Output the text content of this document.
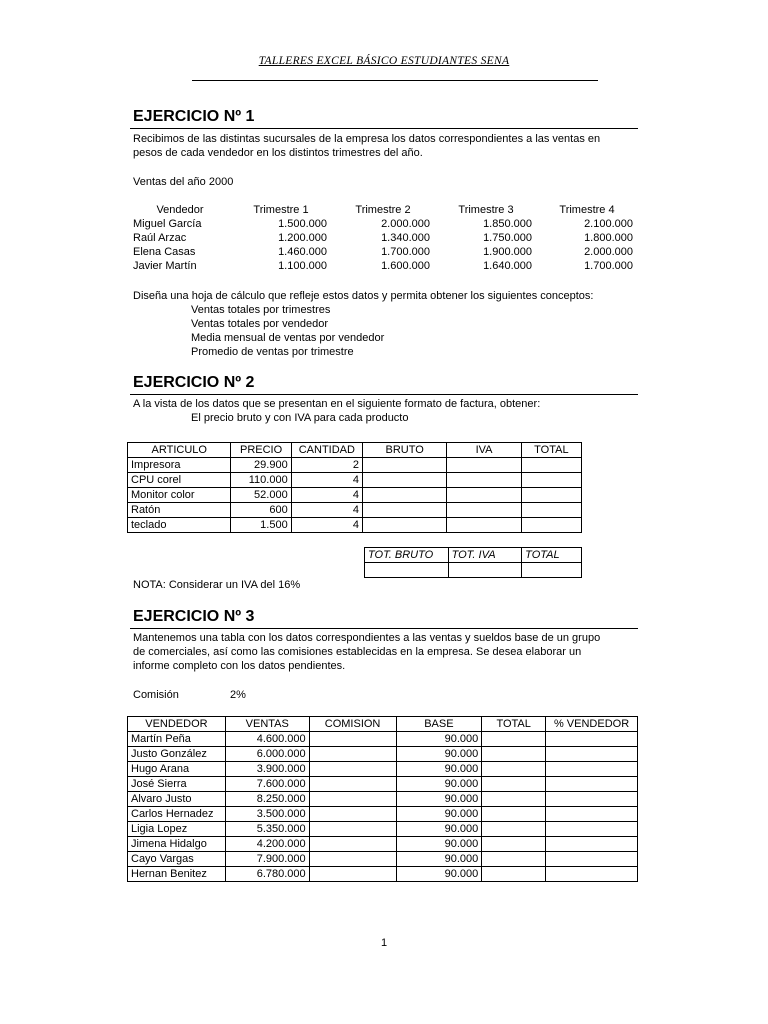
TALLERES EXCEL BÁSICO ESTUDIANTES SENA
EJERCICIO Nº 1
Recibimos de las distintas sucursales de la empresa los datos correspondientes a las ventas en
pesos de cada vendedor en los distintos trimestres del año.
Ventas del año 2000
Vendedor	Trimestre 1	Trimestre 2	Trimestre 3	Trimestre 4
Miguel García	1.500.000	2.000.000	1.850.000	2.100.000
Raúl Arzac	1.200.000	1.340.000	1.750.000	1.800.000
Elena Casas	1.460.000	1.700.000	1.900.000	2.000.000
Javier Martín	1.100.000	1.600.000	1.640.000	1.700.000
Diseña una hoja de cálculo que refleje estos datos y permita obtener los siguientes conceptos:
Ventas totales por trimestres
Ventas totales por vendedor
Media mensual de ventas por vendedor
Promedio de ventas por trimestre
EJERCICIO Nº 2
A la vista de los datos que se presentan en el siguiente formato de factura, obtener:
El precio bruto y con IVA para cada producto
ARTICULO	PRECIO	CANTIDAD	BRUTO	IVA	TOTAL
Impresora	29.900	2			
CPU corel	110.000	4			
Monitor color	52.000	4			
Ratón	600	4			
teclado	1.500	4			
TOT. BRUTO	TOT. IVA	TOTAL

NOTA: Considerar un IVA del 16%
EJERCICIO Nº 3
Mantenemos una tabla con los datos correspondientes a las ventas y sueldos base de un grupo
de comerciales, así como las comisiones establecidas en la empresa. Se desea elaborar un
informe completo con los datos pendientes.
Comisión	2%
VENDEDOR	VENTAS	COMISION	BASE	TOTAL	% VENDEDOR
Martín Peña	4.600.000		90.000		
Justo González	6.000.000		90.000		
Hugo Arana	3.900.000		90.000		
José Sierra	7.600.000		90.000		
Alvaro Justo	8.250.000		90.000		
Carlos Hernadez	3.500.000		90.000		
Ligia Lopez	5.350.000		90.000		
Jimena Hidalgo	4.200.000		90.000		
Cayo Vargas	7.900.000		90.000		
Hernan Benitez	6.780.000		90.000		
1
